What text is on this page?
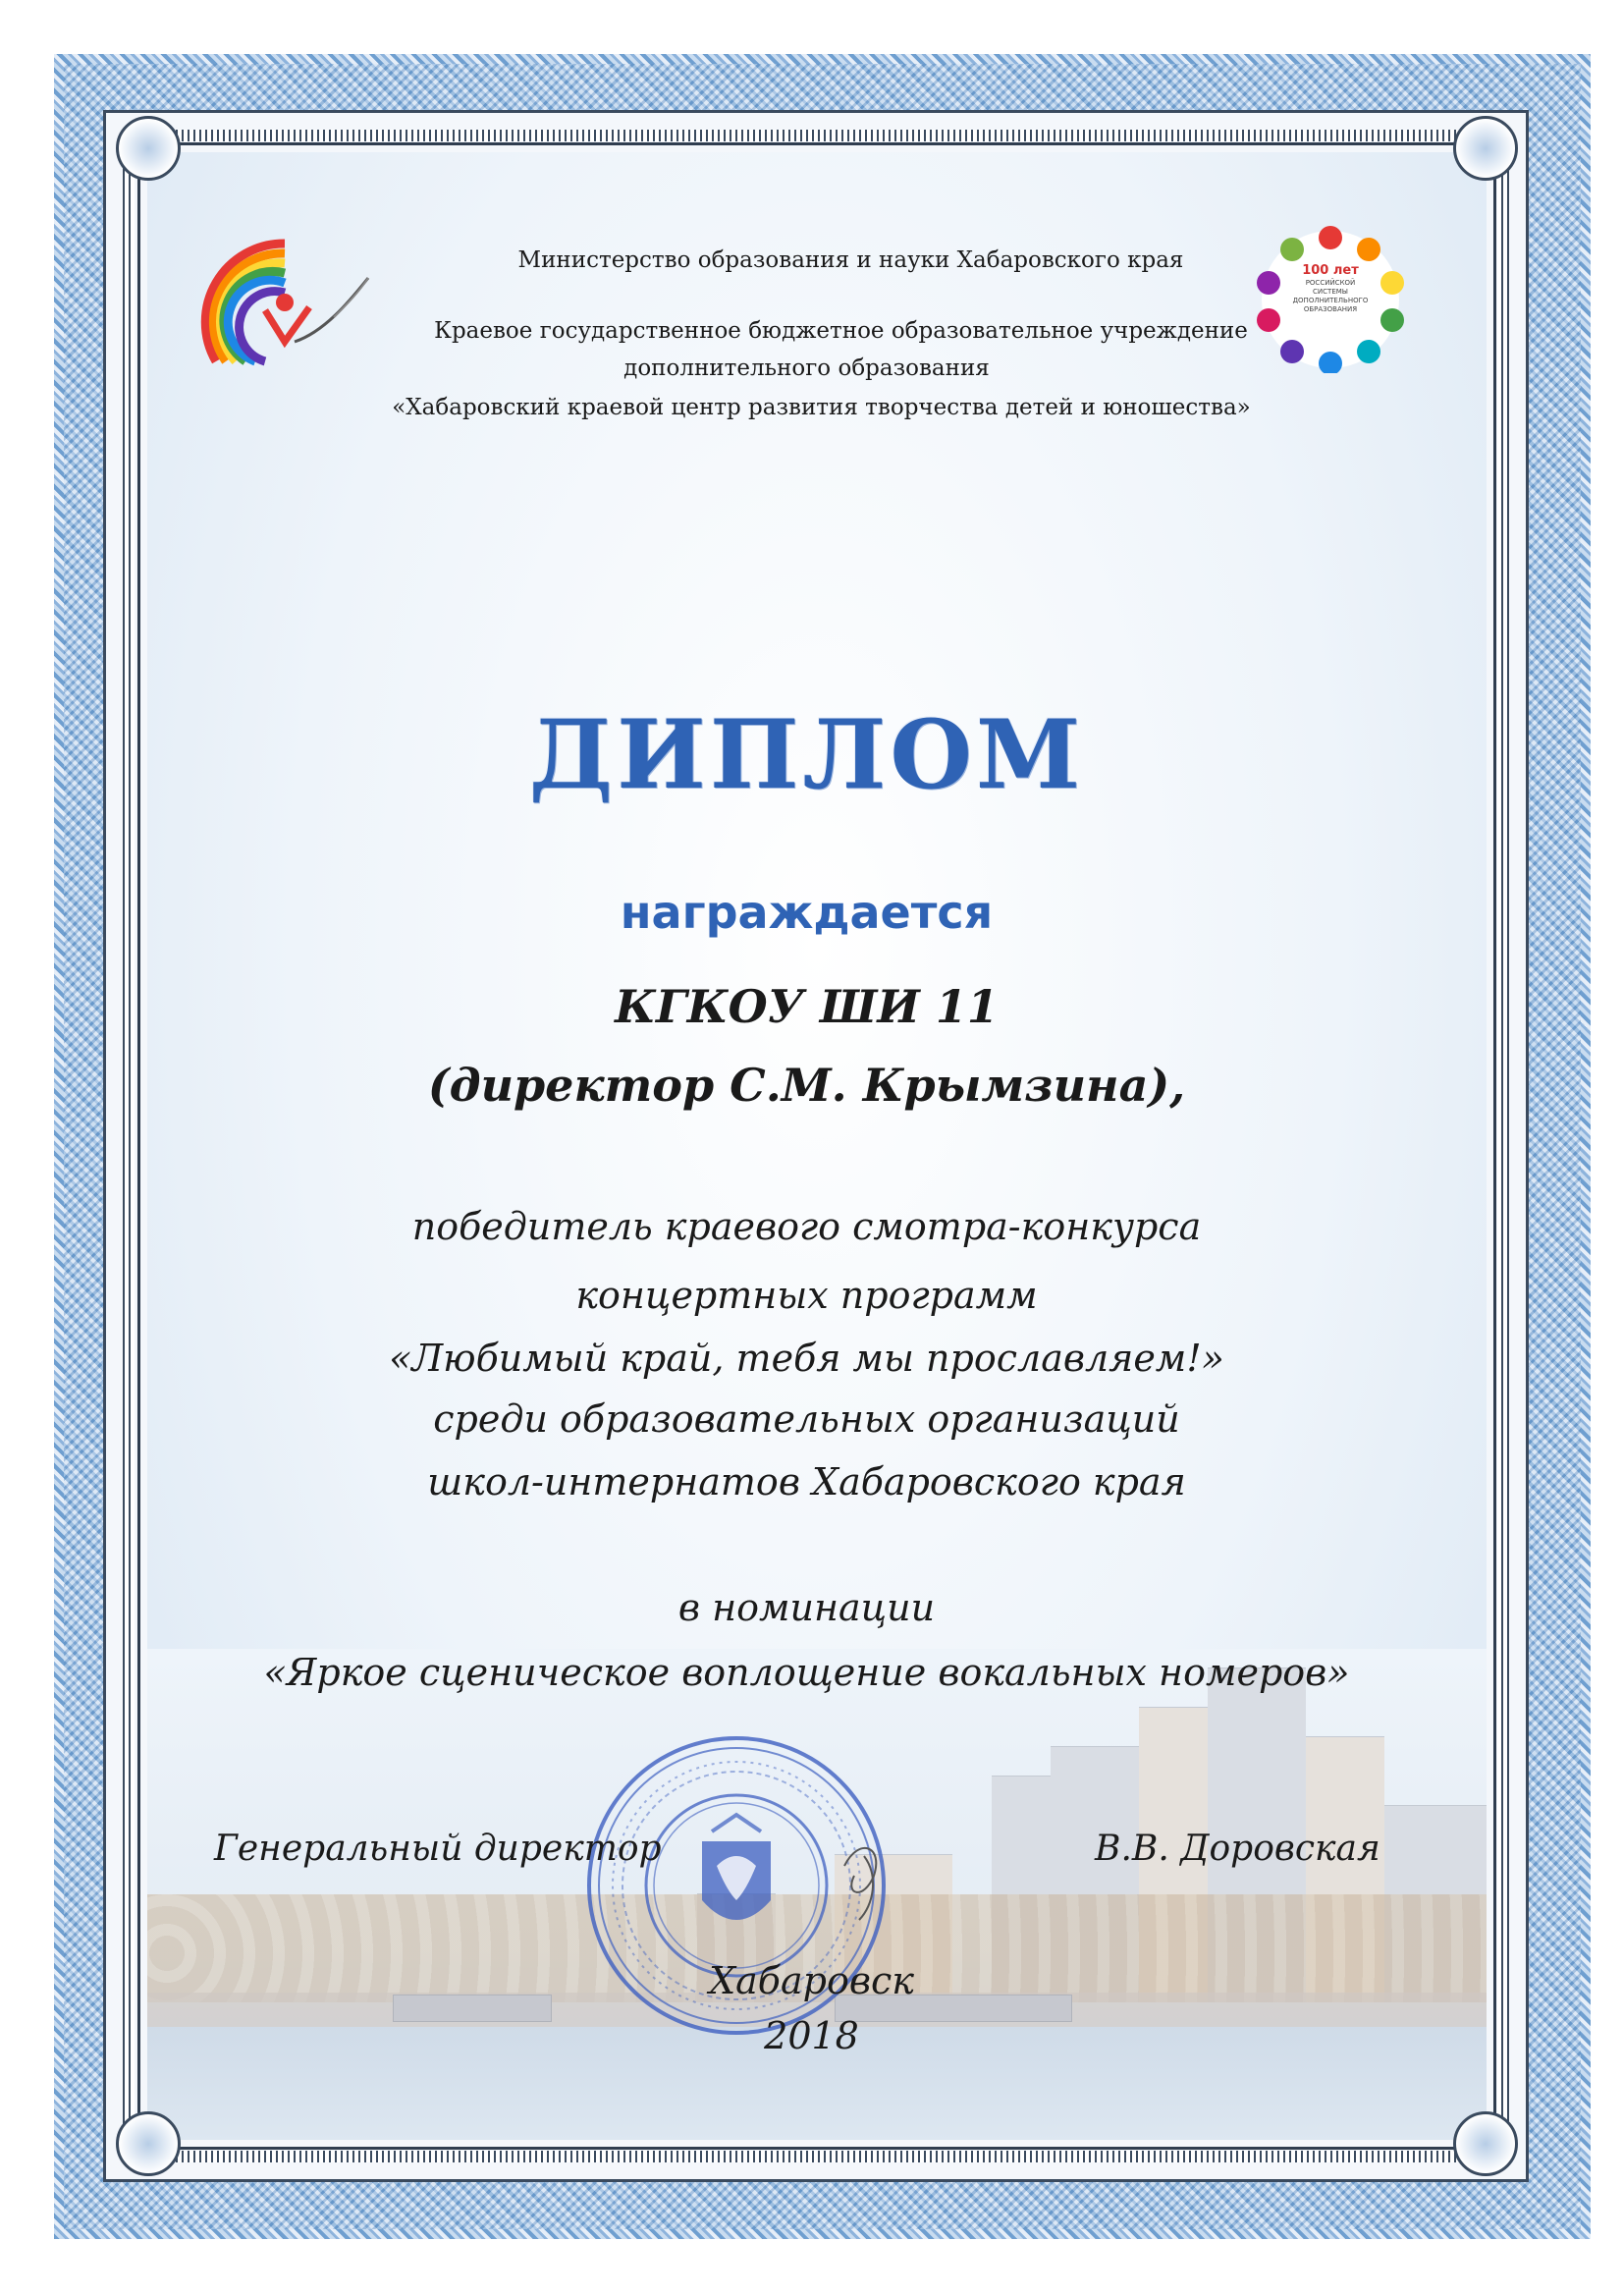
100 лет
РОССИЙСКОЙ
СИСТЕМЫ
ДОПОЛНИТЕЛЬНОГО
ОБРАЗОВАНИЯ
Министерство образования и науки Хабаровского края
Краевое государственное бюджетное образовательное учреждение
дополнительного образования
«Хабаровский краевой центр развития творчества детей и юношества»
ДИПЛОМ
награждается
КГКОУ ШИ 11
(директор С.М. Крымзина),
победитель краевого смотра-конкурса
концертных программ
«Любимый край, тебя мы прославляем!»
среди образовательных организаций
школ-интернатов Хабаровского края
в номинации
«Яркое сценическое воплощение вокальных номеров»
Генеральный директор	В.В. Доровская
Хабаровск
2018
